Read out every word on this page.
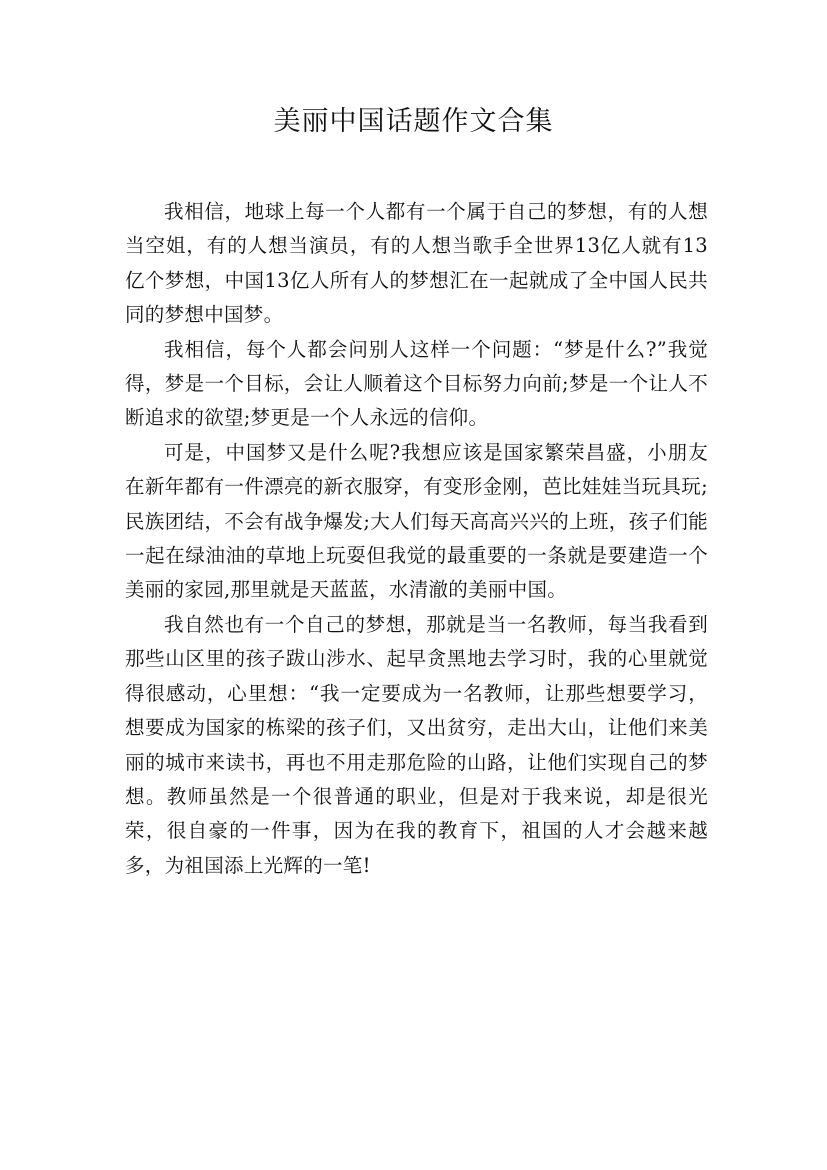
美丽中国话题作文合集

我相信，地球上每一个人都有一个属于自己的梦想，有的人想当空姐，有的人想当演员，有的人想当歌手全世界13亿人就有13亿个梦想，中国13亿人所有人的梦想汇在一起就成了全中国人民共同的梦想中国梦。

我相信，每个人都会问别人这样一个问题：“梦是什么?”我觉得，梦是一个目标，会让人顺着这个目标努力向前;梦是一个让人不断追求的欲望;梦更是一个人永远的信仰。

可是，中国梦又是什么呢?我想应该是国家繁荣昌盛，小朋友在新年都有一件漂亮的新衣服穿，有变形金刚，芭比娃娃当玩具玩;民族团结，不会有战争爆发;大人们每天高高兴兴的上班，孩子们能一起在绿油油的草地上玩耍但我觉的最重要的一条就是要建造一个美丽的家园,那里就是天蓝蓝，水清澈的美丽中国。

我自然也有一个自己的梦想，那就是当一名教师，每当我看到那些山区里的孩子跋山涉水、起早贪黑地去学习时，我的心里就觉得很感动，心里想：“我一定要成为一名教师，让那些想要学习，想要成为国家的栋梁的孩子们，又出贫穷，走出大山，让他们来美丽的城市来读书，再也不用走那危险的山路，让他们实现自己的梦想。教师虽然是一个很普通的职业，但是对于我来说，却是很光荣，很自豪的一件事，因为在我的教育下，祖国的人才会越来越多，为祖国添上光辉的一笔!
